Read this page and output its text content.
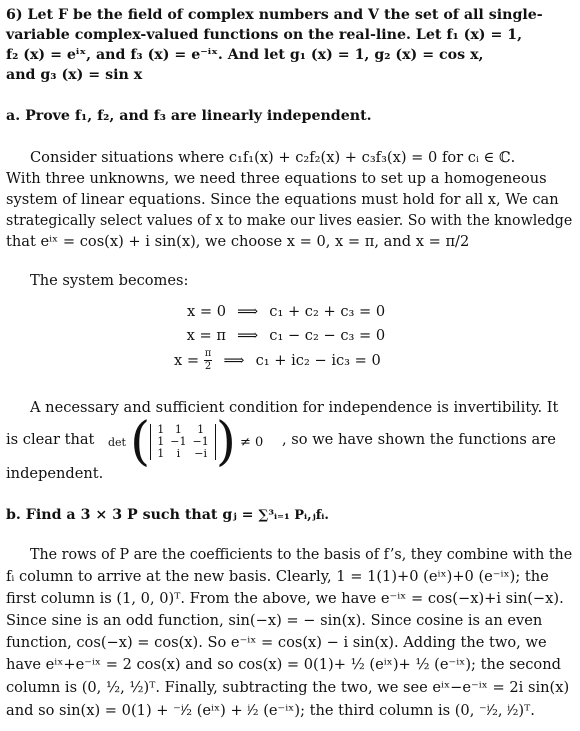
6) Let F be the field of complex numbers and V the set of all single-
variable complex-valued functions on the real-line. Let f₁ (x) = 1,
f₂ (x) = eⁱˣ, and f₃ (x) = e⁻ⁱˣ. And let g₁ (x) = 1, g₂ (x) = cos x,
and g₃ (x) = sin x
a. Prove f₁, f₂, and f₃ are linearly independent.
Consider situations where c₁f₁(x) + c₂f₂(x) + c₃f₃(x) = 0 for cᵢ ∈ ℂ.
With three unknowns, we need three equations to set up a homogeneous
system of linear equations. Since the equations must hold for all x, We can
strategically select values of x to make our lives easier. So with the knowledge
that eⁱˣ = cos(x) + i sin(x), we choose x = 0, x = π, and x = π/2
The system becomes:
x = 0 ⟹ c₁ + c₂ + c₃ = 0
x = π ⟹ c₁ − c₂ − c₃ = 0
$x = \frac{\pi}{2}$ ⟹ c₁ + ic₂ − ic₃ = 0
A necessary and sufficient condition for independence is invertibility. It
is clear that det ( 1	1	1
1	−1	−1
1	i	−i ) ≠ 0 , so we have shown the functions are
independent.
b. Find a 3 × 3 P such that gⱼ = ∑³ᵢ₌₁ Pᵢ,ⱼfᵢ.
The rows of P are the coefficients to the basis of f’s, they combine with the
fᵢ column to arrive at the new basis. Clearly, 1 = 1(1)+0 (eⁱˣ)+0 (e⁻ⁱˣ); the
first column is (1, 0, 0)ᵀ. From the above, we have e⁻ⁱˣ = cos(−x)+i sin(−x).
Since sine is an odd function, sin(−x) = − sin(x). Since cosine is an even
function, cos(−x) = cos(x). So e⁻ⁱˣ = cos(x) − i sin(x). Adding the two, we
have eⁱˣ+e⁻ⁱˣ = 2 cos(x) and so cos(x) = 0(1)+ ½ (eⁱˣ)+ ½ (e⁻ⁱˣ); the second
column is (0, ½, ½)ᵀ. Finally, subtracting the two, we see eⁱˣ−e⁻ⁱˣ = 2i sin(x)
and so sin(x) = 0(1) + ⁻ⁱ⁄₂ (eⁱˣ) + ⁱ⁄₂ (e⁻ⁱˣ); the third column is (0, ⁻ⁱ⁄₂, ⁱ⁄₂)ᵀ.
